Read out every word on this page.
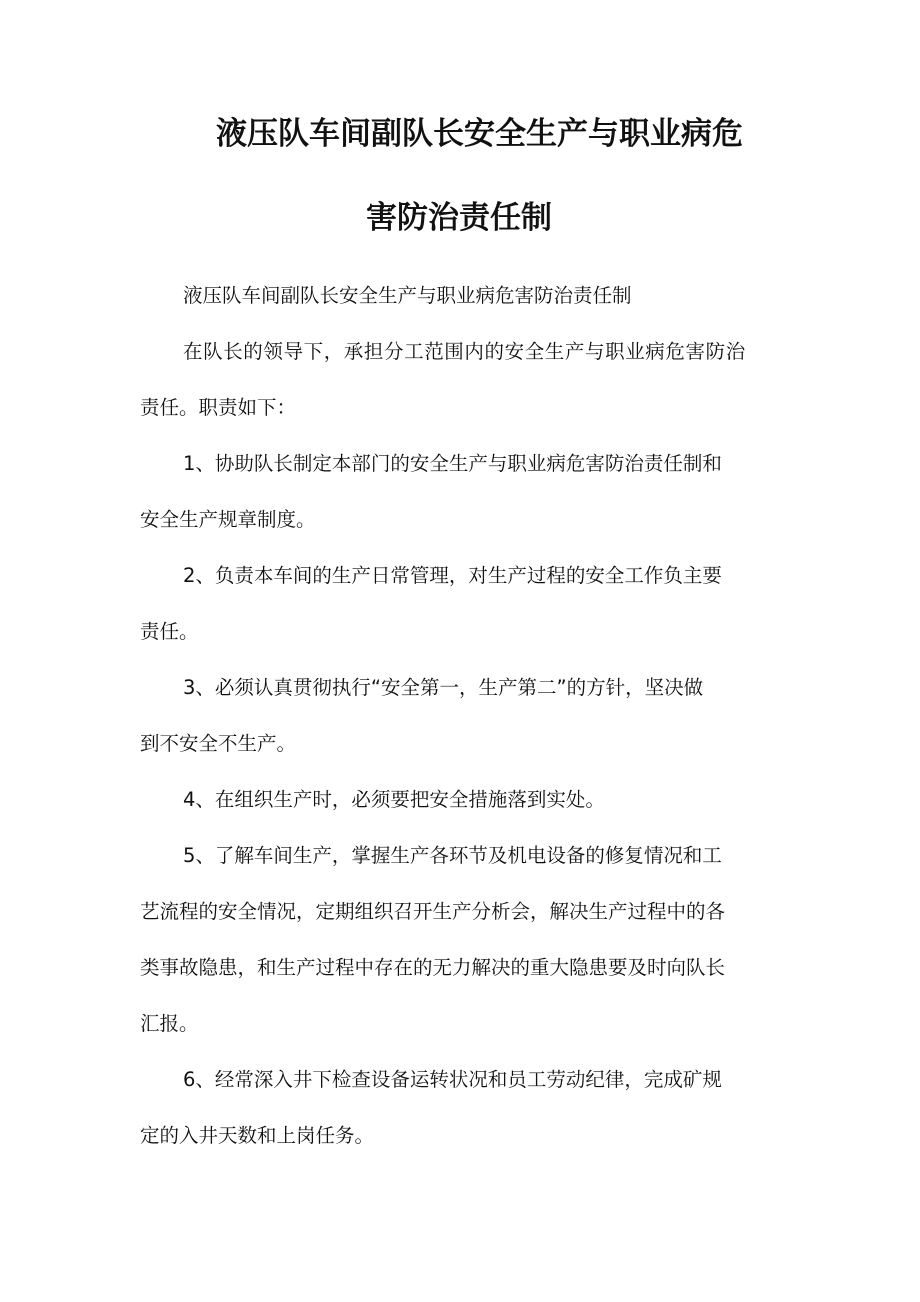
液压队车间副队长安全生产与职业病危
害防治责任制
液压队车间副队长安全生产与职业病危害防治责任制
在队长的领导下，承担分工范围内的安全生产与职业病危害防治
责任。职责如下：
1、协助队长制定本部门的安全生产与职业病危害防治责任制和
安全生产规章制度。
2、负责本车间的生产日常管理，对生产过程的安全工作负主要
责任。
3、必须认真贯彻执行“安全第一，生产第二”的方针，坚决做
到不安全不生产。
4、在组织生产时，必须要把安全措施落到实处。
5、了解车间生产，掌握生产各环节及机电设备的修复情况和工
艺流程的安全情况，定期组织召开生产分析会，解决生产过程中的各
类事故隐患，和生产过程中存在的无力解决的重大隐患要及时向队长
汇报。
6、经常深入井下检查设备运转状况和员工劳动纪律，完成矿规
定的入井天数和上岗任务。
